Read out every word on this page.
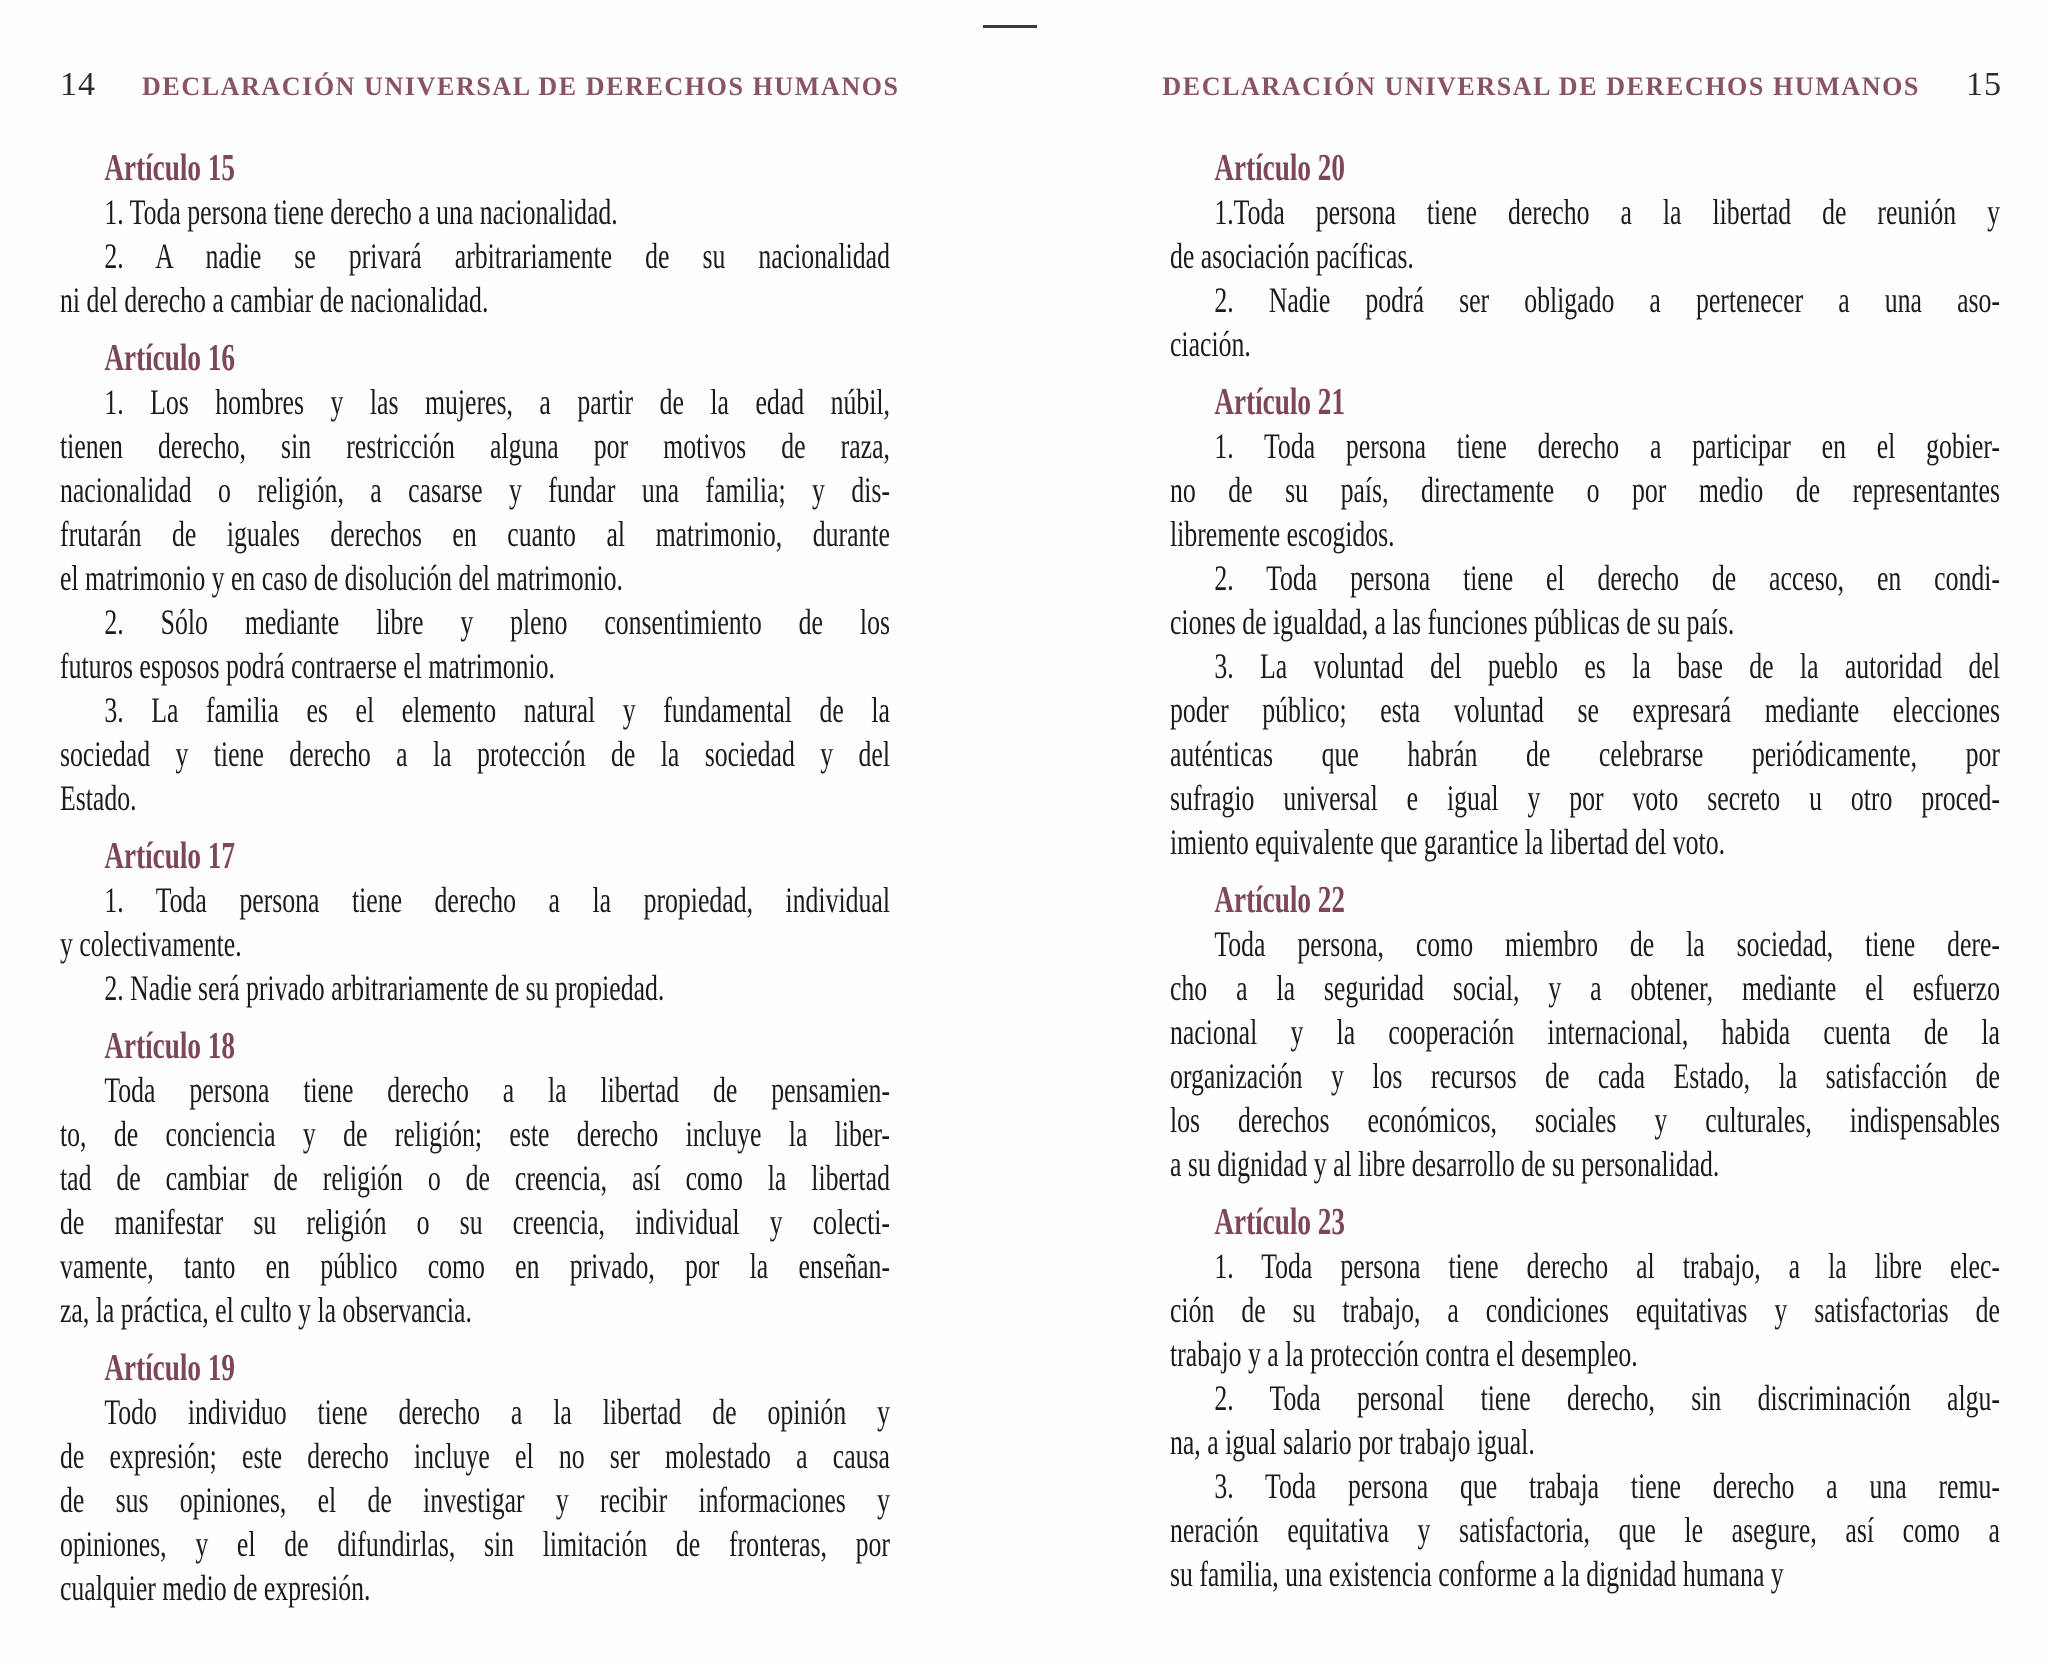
14 DECLARACIÓN UNIVERSAL DE DERECHOS HUMANOS
Artículo 15

1. Toda persona tiene derecho a una nacionalidad.

2. A nadie se privará arbitrariamente de su nacionalidad
ni del derecho a cambiar de nacionalidad.

Artículo 16

1. Los hombres y las mujeres, a partir de la edad núbil,
tienen derecho, sin restricción alguna por motivos de raza,
nacionalidad o religión, a casarse y fundar una familia; y dis-
frutarán de iguales derechos en cuanto al matrimonio, durante
el matrimonio y en caso de disolución del matrimonio.

2. Sólo mediante libre y pleno consentimiento de los
futuros esposos podrá contraerse el matrimonio.

3. La familia es el elemento natural y fundamental de la
sociedad y tiene derecho a la protección de la sociedad y del
Estado.

Artículo 17

1. Toda persona tiene derecho a la propiedad, individual
y colectivamente.

2. Nadie será privado arbitrariamente de su propiedad.

Artículo 18

Toda persona tiene derecho a la libertad de pensamien-
to, de conciencia y de religión; este derecho incluye la liber-
tad de cambiar de religión o de creencia, así como la libertad
de manifestar su religión o su creencia, individual y colecti-
vamente, tanto en público como en privado, por la enseñan-
za, la práctica, el culto y la observancia.

Artículo 19

Todo individuo tiene derecho a la libertad de opinión y
de expresión; este derecho incluye el no ser molestado a causa
de sus opiniones, el de investigar y recibir informaciones y
opiniones, y el de difundirlas, sin limitación de fronteras, por
cualquier medio de expresión.

DECLARACIÓN UNIVERSAL DE DERECHOS HUMANOS 15
Artículo 20

1.Toda persona tiene derecho a la libertad de reunión y
de asociación pacíficas.

2. Nadie podrá ser obligado a pertenecer a una aso-
ciación.

Artículo 21

1. Toda persona tiene derecho a participar en el gobier-
no de su país, directamente o por medio de representantes
libremente escogidos.

2. Toda persona tiene el derecho de acceso, en condi-
ciones de igualdad, a las funciones públicas de su país.

3. La voluntad del pueblo es la base de la autoridad del
poder público; esta voluntad se expresará mediante elecciones
auténticas que habrán de celebrarse periódicamente, por
sufragio universal e igual y por voto secreto u otro proced-
imiento equivalente que garantice la libertad del voto.

Artículo 22

Toda persona, como miembro de la sociedad, tiene dere-
cho a la seguridad social, y a obtener, mediante el esfuerzo
nacional y la cooperación internacional, habida cuenta de la
organización y los recursos de cada Estado, la satisfacción de
los derechos económicos, sociales y culturales, indispensables
a su dignidad y al libre desarrollo de su personalidad.

Artículo 23

1. Toda persona tiene derecho al trabajo, a la libre elec-
ción de su trabajo, a condiciones equitativas y satisfactorias de
trabajo y a la protección contra el desempleo.

2. Toda personal tiene derecho, sin discriminación algu-
na, a igual salario por trabajo igual.

3. Toda persona que trabaja tiene derecho a una remu-
neración equitativa y satisfactoria, que le asegure, así como a
su familia, una existencia conforme a la dignidad humana y
